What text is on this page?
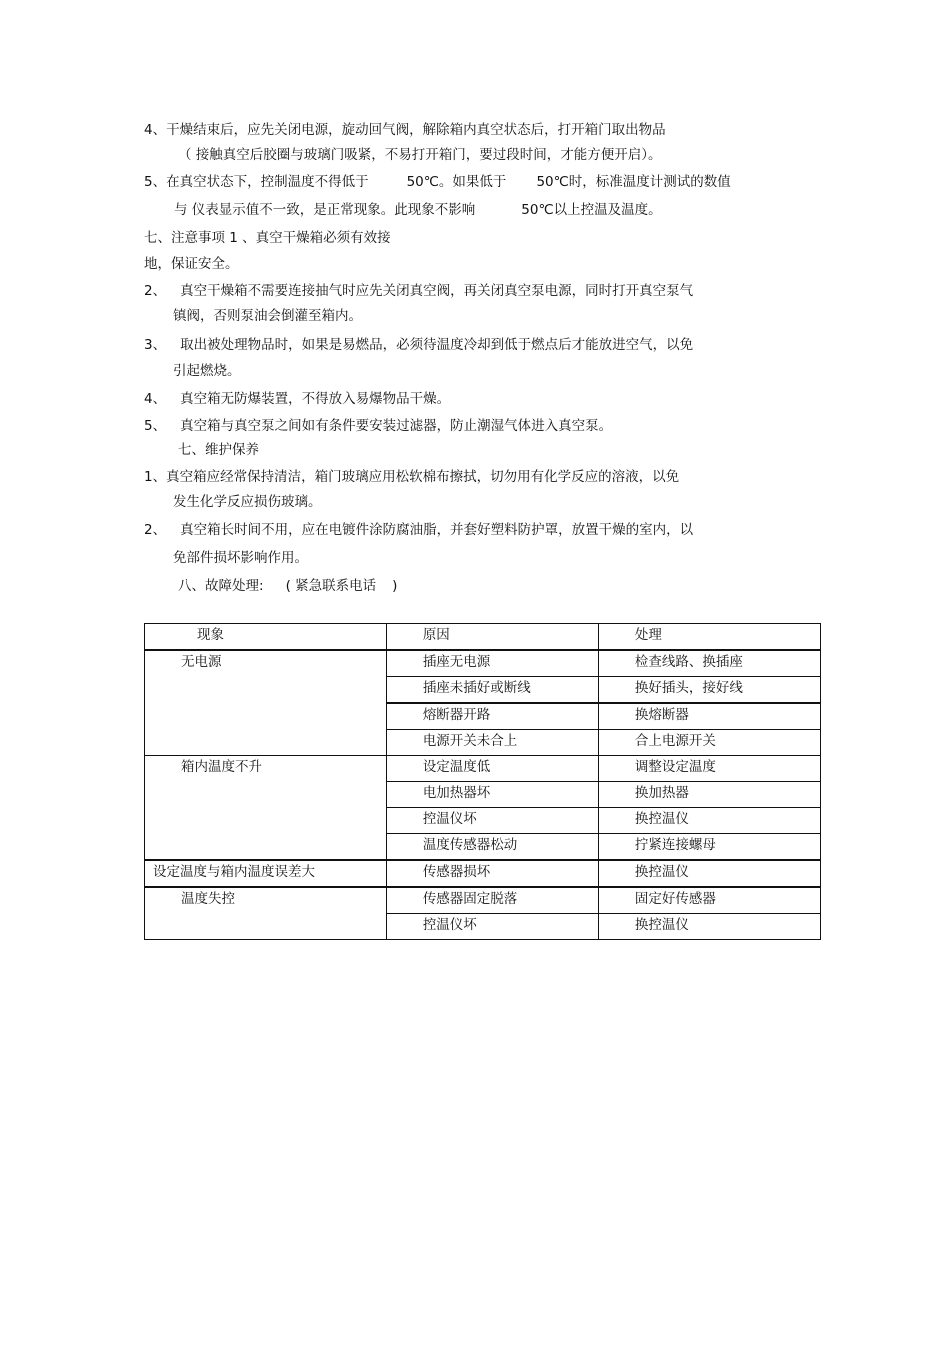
4、干燥结束后，应先关闭电源，旋动回气阀，解除箱内真空状态后，打开箱门取出物品

（ 接触真空后胶圈与玻璃门吸紧，不易打开箱门，要过段时间，才能方便开启）。

5、在真空状态下，控制温度不得低于	50℃。如果低于 50℃时，标准温度计测试的数值

与 仪表显示值不一致，是正常现象。此现象不影响	50℃以上控温及温度。

七、注意事项 1 、真空干燥箱必须有效接

地，保证安全。

2、 真空干燥箱不需要连接抽气时应先关闭真空阀，再关闭真空泵电源，同时打开真空泵气

镇阀，否则泵油会倒灌至箱内。

3、 取出被处理物品时，如果是易燃品，必须待温度冷却到低于燃点后才能放进空气，以免

引起燃烧。

4、 真空箱无防爆装置，不得放入易爆物品干燥。

5、 真空箱与真空泵之间如有条件要安装过滤器，防止潮湿气体进入真空泵。

七、维护保养

1、真空箱应经常保持清洁，箱门玻璃应用松软棉布擦拭，切勿用有化学反应的溶液，以免

发生化学反应损伤玻璃。

2、 真空箱长时间不用，应在电镀件涂防腐油脂，并套好塑料防护罩，放置干燥的室内，以

免部件损坏影响作用。

八、故障处理: ( 紧急联系电话 )

现象	原因	处理
无电源	插座无电源	检查线路、换插座
	插座未插好或断线	换好插头，接好线
	熔断器开路	换熔断器
	电源开关未合上	合上电源开关
箱内温度不升	设定温度低	调整设定温度
	电加热器坏	换加热器
	控温仪坏	换控温仪
	温度传感器松动	拧紧连接螺母
设定温度与箱内温度误差大	传感器损坏	换控温仪
温度失控	传感器固定脱落	固定好传感器
	控温仪坏	换控温仪
